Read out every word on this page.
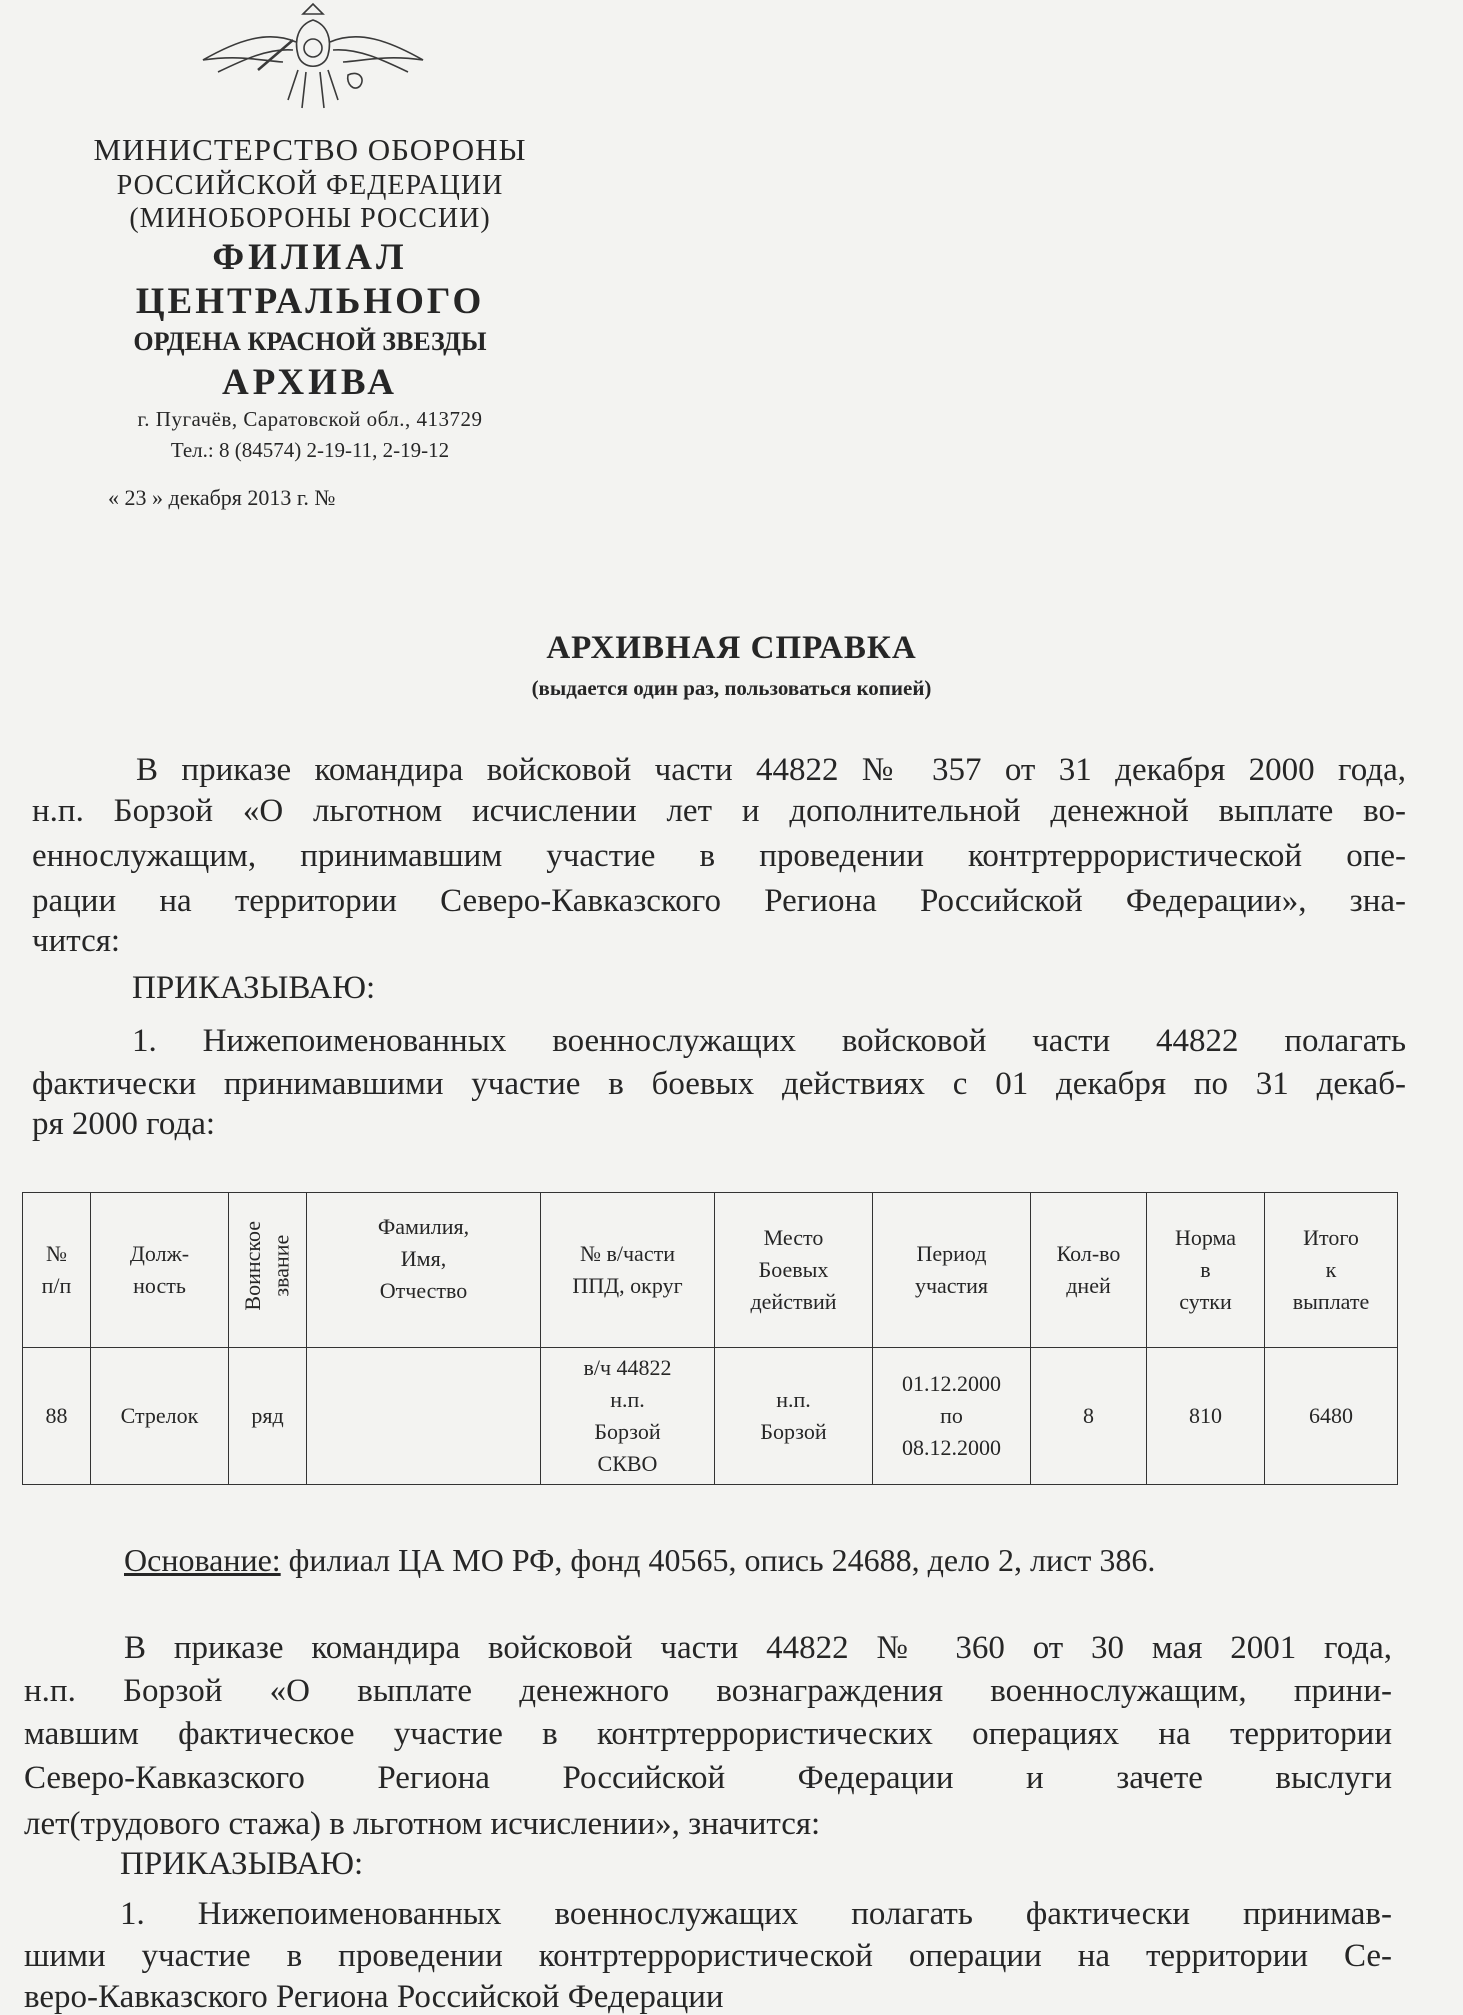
МИНИСТЕРСТВО ОБОРОНЫ
РОССИЙСКОЙ ФЕДЕРАЦИИ
(МИНОБОРОНЫ РОССИИ)
ФИЛИАЛ
ЦЕНТРАЛЬНОГО
ОРДЕНА КРАСНОЙ ЗВЕЗДЫ
АРХИВА
г. Пугачёв, Саратовской обл., 413729
Тел.: 8 (84574) 2-19-11, 2-19-12
« 23 » декабря 2013 г. №
АРХИВНАЯ СПРАВКА
(выдается один раз, пользоваться копией)
В приказе командира войсковой части 44822 № 357 от 31 декабря 2000 года,
н.п. Борзой «О льготном исчислении лет и дополнительной денежной выплате во-
еннослужащим, принимавшим участие в проведении контртеррористической опе-
рации на территории Северо-Кавказского Региона Российской Федерации», зна-
чится:
ПРИКАЗЫВАЮ:
1. Нижепоименованных военнослужащих войсковой части 44822 полагать
фактически принимавшими участие в боевых действиях с 01 декабря по 31 декаб-
ря 2000 года:
№
п/п	Долж-
ность	Воинское звание	Фамилия,
Имя,
Отчество	№ в/части
ППД, округ	Место
Боевых
действий	Период
участия	Кол-во
дней	Норма
в
сутки	Итого
к
выплате
88	Стрелок	ряд		в/ч 44822
н.п.
Борзой
СКВО	н.п.
Борзой	01.12.2000
по
08.12.2000	8	810	6480
Основание: филиал ЦА МО РФ, фонд 40565, опись 24688, дело 2, лист 386.
В приказе командира войсковой части 44822 № 360 от 30 мая 2001 года,
н.п. Борзой «О выплате денежного вознаграждения военнослужащим, прини-
мавшим фактическое участие в контртеррористических операциях на территории
Северо-Кавказского Региона Российской Федерации и зачете выслуги
лет(трудового стажа) в льготном исчислении», значится:
ПРИКАЗЫВАЮ:
1. Нижепоименованных военнослужащих полагать фактически принимав-
шими участие в проведении контртеррористической операции на территории Се-
веро-Кавказского Региона Российской Федерации
